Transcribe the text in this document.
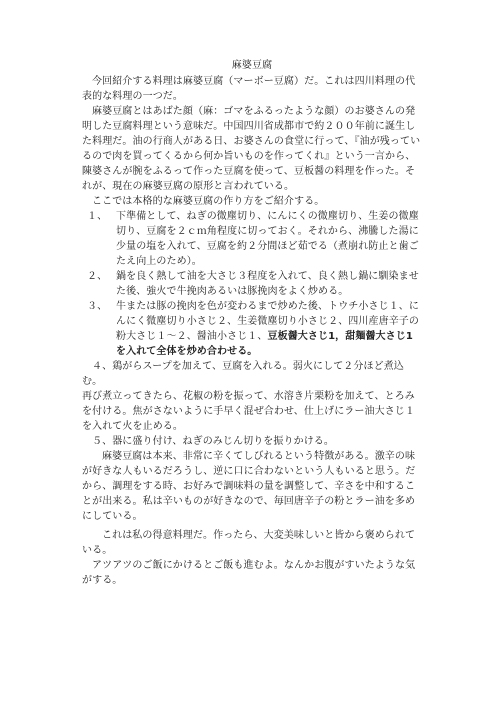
麻婆豆腐

今回紹介する料理は麻婆豆腐（マーボー豆腐）だ。これは四川料理の代表的な料理の一つだ。

麻婆豆腐とはあばた顔（麻：ゴマをふるったような顔）のお婆さんの発明した豆腐料理という意味だ。中国四川省成都市で約２００年前に誕生した料理だ。油の行商人がある日、お婆さんの食堂に行って、『油が残っているので肉を買ってくるから何か旨いものを作ってくれ』という一言から、陳婆さんが腕をふるって作った豆腐を使って、豆板醤の料理を作った。それが、現在の麻婆豆腐の原形と言われている。

ここでは本格的な麻婆豆腐の作り方をご紹介する。

１、 下準備として、ねぎの微塵切り、にんにくの微塵切り、生姜の微塵切り、豆腐を２ｃｍ角程度に切っておく。それから、沸騰した湯に少量の塩を入れて、豆腐を約２分間ほど茹でる（煮崩れ防止と歯ごたえ向上のため）。
２、 鍋を良く熱して油を大さじ３程度を入れて、良く熱し鍋に馴染ませた後、強火で牛挽肉あるいは豚挽肉をよく炒める。
３、 牛または豚の挽肉を色が変わるまで炒めた後、トウチ小さじ１、にんにく微塵切り小さじ２、生姜微塵切り小さじ２、四川産唐辛子の粉大さじ１～２、醤油小さじ１、豆板醤大さじ1，甜麺醤大さじ1を入れて全体を炒め合わせる。

４、鶏がらスープを加えて、豆腐を入れる。弱火にして２分ほど煮込む。

再び煮立ってきたら、花椒の粉を振って、水溶き片栗粉を加えて、とろみを付ける。焦がさないように手早く混ぜ合わせ、仕上げにラー油大さじ１を入れて火を止める。

５、器に盛り付け、ねぎのみじん切りを振りかける。

麻婆豆腐は本来、非常に辛くてしびれるという特徴がある。激辛の味が好きな人もいるだろうし、逆に口に合わないという人もいると思う。だから、調理をする時、お好みで調味料の量を調整して、辛さを中和することが出来る。私は辛いものが好きなので、毎回唐辛子の粉とラー油を多めにしている。

これは私の得意料理だ。作ったら、大変美味しいと皆から褒められている。

アツアツのご飯にかけるとご飯も進むよ。なんかお腹がすいたような気がする。
